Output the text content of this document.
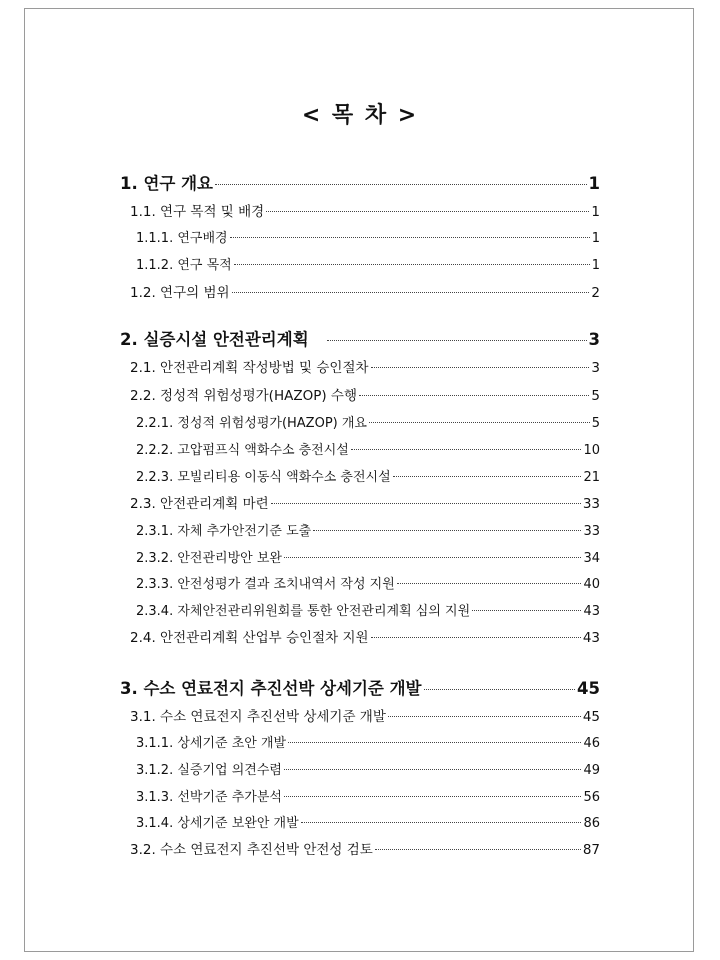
< 목 차 >
1. 연구 개요	1
1.1. 연구 목적 및 배경	1
1.1.1. 연구배경	1
1.1.2. 연구 목적	1
1.2. 연구의 범위	2
2. 실증시설 안전관리계획	3
2.1. 안전관리계획 작성방법 및 승인절차	3
2.2. 정성적 위험성평가(HAZOP) 수행	5
2.2.1. 정성적 위험성평가(HAZOP) 개요	5
2.2.2. 고압펌프식 액화수소 충전시설	10
2.2.3. 모빌리티용 이동식 액화수소 충전시설	21
2.3. 안전관리계획 마련	33
2.3.1. 자체 추가안전기준 도출	33
2.3.2. 안전관리방안 보완	34
2.3.3. 안전성평가 결과 조치내역서 작성 지원	40
2.3.4. 자체안전관리위원회를 통한 안전관리계획 심의 지원	43
2.4. 안전관리계획 산업부 승인절차 지원	43
3. 수소 연료전지 추진선박 상세기준 개발	45
3.1. 수소 연료전지 추진선박 상세기준 개발	45
3.1.1. 상세기준 초안 개발	46
3.1.2. 실증기업 의견수렴	49
3.1.3. 선박기준 추가분석	56
3.1.4. 상세기준 보완안 개발	86
3.2. 수소 연료전지 추진선박 안전성 검토	87
